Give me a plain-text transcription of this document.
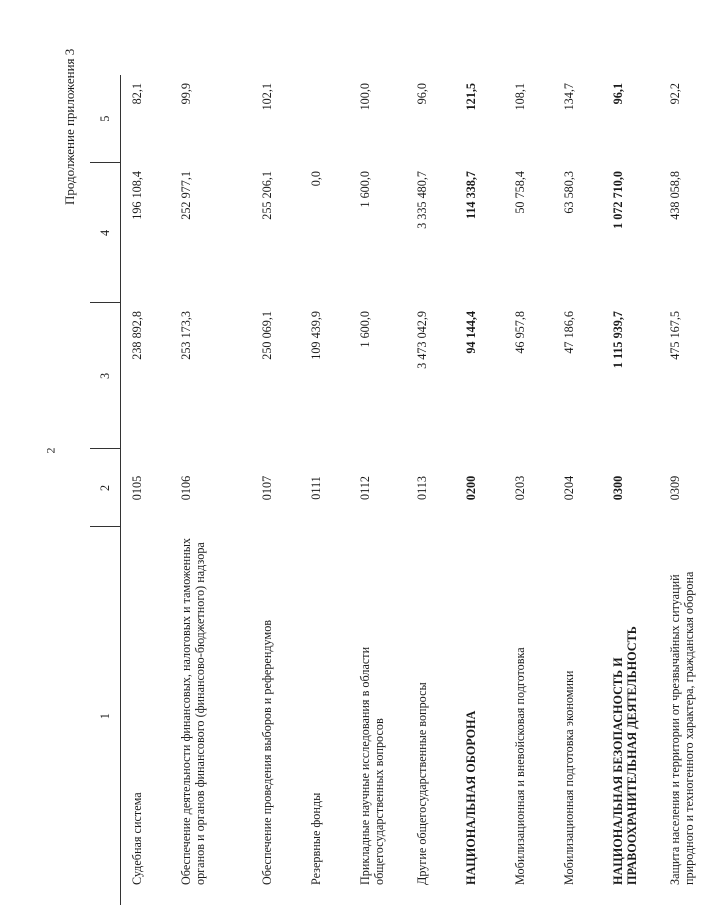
2
Продолжение приложения 3
1	2	3	4	5
Судебная система	0105	238 892,8	196 108,4	82,1
Обеспечение деятельности финансовых, налоговых и таможенных органов и органов финансового (финансово-бюджетного) надзора	0106	253 173,3	252 977,1	99,9
Обеспечение проведения выборов и референдумов	0107	250 069,1	255 206,1	102,1
Резервные фонды	0111	109 439,9	0,0	
Прикладные научные исследования в области общегосударственных вопросов	0112	1 600,0	1 600,0	100,0
Другие общегосударственные вопросы	0113	3 473 042,9	3 335 480,7	96,0
НАЦИОНАЛЬНАЯ ОБОРОНА	0200	94 144,4	114 338,7	121,5
Мобилизационная и вневойсковая подготовка	0203	46 957,8	50 758,4	108,1
Мобилизационная подготовка экономики	0204	47 186,6	63 580,3	134,7
НАЦИОНАЛЬНАЯ БЕЗОПАСНОСТЬ И ПРАВООХРАНИТЕЛЬНАЯ ДЕЯТЕЛЬНОСТЬ	0300	1 115 939,7	1 072 710,0	96,1
Защита населения и территории от чрезвычайных ситуаций природного и техногенного характера, гражданская оборона	0309	475 167,5	438 058,8	92,2
